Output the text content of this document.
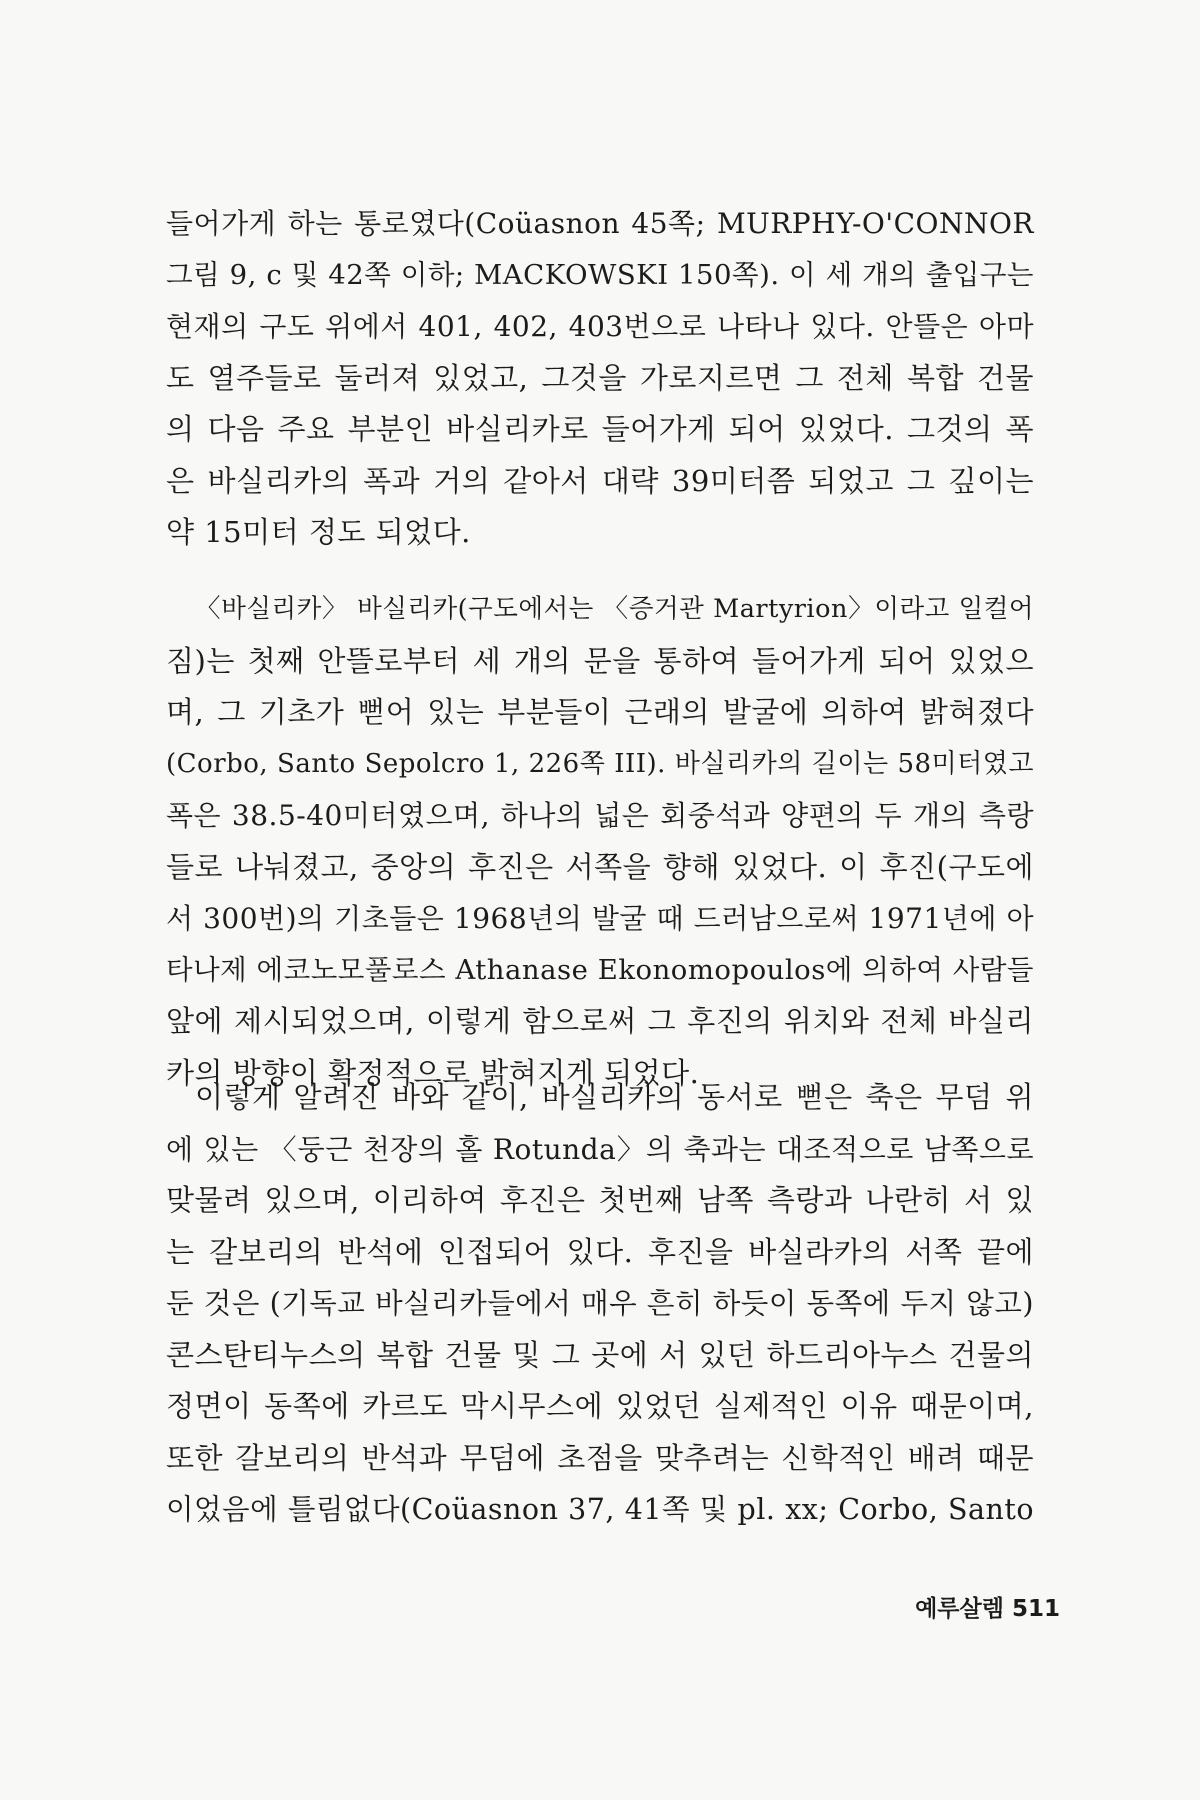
들어가게 하는 통로였다(Coüasnon 45쪽; MURPHY-O'CONNOR
그림 9, c 및 42쪽 이하; MACKOWSKI 150쪽). 이 세 개의 출입구는
현재의 구도 위에서 401, 402, 403번으로 나타나 있다. 안뜰은 아마
도 열주들로 둘러져 있었고, 그것을 가로지르면 그 전체 복합 건물
의 다음 주요 부분인 바실리카로 들어가게 되어 있었다. 그것의 폭
은 바실리카의 폭과 거의 같아서 대략 39미터쯤 되었고 그 깊이는
약 15미터 정도 되었다.
〈바실리카〉 바실리카(구도에서는 〈증거관 Martyrion〉이라고 일컬어
짐)는 첫째 안뜰로부터 세 개의 문을 통하여 들어가게 되어 있었으
며, 그 기초가 뻗어 있는 부분들이 근래의 발굴에 의하여 밝혀졌다
(Corbo, Santo Sepolcro 1, 226쪽 III). 바실리카의 길이는 58미터였고
폭은 38.5-40미터였으며, 하나의 넓은 회중석과 양편의 두 개의 측랑
들로 나눠졌고, 중앙의 후진은 서쪽을 향해 있었다. 이 후진(구도에
서 300번)의 기초들은 1968년의 발굴 때 드러남으로써 1971년에 아
타나제 에코노모풀로스 Athanase Ekonomopoulos에 의하여 사람들
앞에 제시되었으며, 이렇게 함으로써 그 후진의 위치와 전체 바실리
카의 방향이 확정적으로 밝혀지게 되었다.
이렇게 알려진 바와 같이, 바실리카의 동서로 뻗은 축은 무덤 위
에 있는 〈둥근 천장의 홀 Rotunda〉의 축과는 대조적으로 남쪽으로
맞물려 있으며, 이리하여 후진은 첫번째 남쪽 측랑과 나란히 서 있
는 갈보리의 반석에 인접되어 있다. 후진을 바실라카의 서쪽 끝에
둔 것은 (기독교 바실리카들에서 매우 흔히 하듯이 동쪽에 두지 않고)
콘스탄티누스의 복합 건물 및 그 곳에 서 있던 하드리아누스 건물의
정면이 동쪽에 카르도 막시무스에 있었던 실제적인 이유 때문이며,
또한 갈보리의 반석과 무덤에 초점을 맞추려는 신학적인 배려 때문
이었음에 틀림없다(Coüasnon 37, 41쪽 및 pl. xx; Corbo, Santo
예루살렘 511
